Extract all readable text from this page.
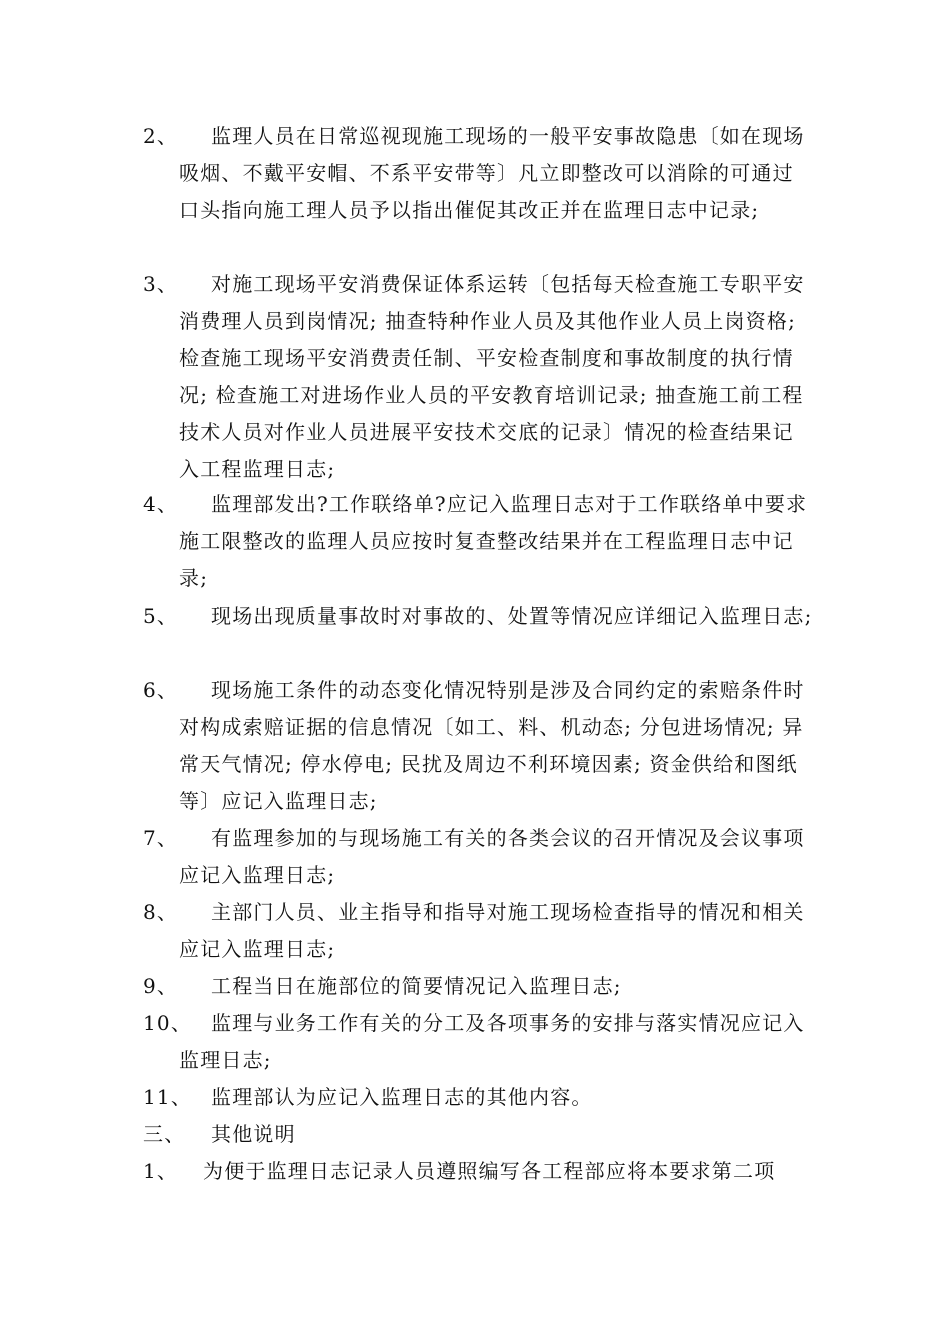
2、	监理人员在日常巡视现施工现场的一般平安事故隐患〔如在现场吸烟、不戴平安帽、不系平安带等〕凡立即整改可以消除的可通过口头指向施工理人员予以指出催促其改正并在监理日志中记录;
3、	对施工现场平安消费保证体系运转〔包括每天检查施工专职平安消费理人员到岗情况; 抽查特种作业人员及其他作业人员上岗资格; 检查施工现场平安消费责任制、平安检查制度和事故制度的执行情况; 检查施工对进场作业人员的平安教育培训记录; 抽查施工前工程技术人员对作业人员进展平安技术交底的记录〕情况的检查结果记入工程监理日志;
4、	监理部发出?工作联络单?应记入监理日志对于工作联络单中要求施工限整改的监理人员应按时复查整改结果并在工程监理日志中记录;
5、	现场出现质量事故时对事故的、处置等情况应详细记入监理日志;
6、	现场施工条件的动态变化情况特别是涉及合同约定的索赔条件时对构成索赔证据的信息情况〔如工、料、机动态; 分包进场情况; 异常天气情况; 停水停电; 民扰及周边不利环境因素; 资金供给和图纸等〕应记入监理日志;
7、	有监理参加的与现场施工有关的各类会议的召开情况及会议事项应记入监理日志;
8、	主部门人员、业主指导和指导对施工现场检查指导的情况和相关应记入监理日志;
9、	工程当日在施部位的简要情况记入监理日志;
10、 监理与业务工作有关的分工及各项事务的安排与落实情况应记入监理日志;
11、 监理部认为应记入监理日志的其他内容。
三、	其他说明
1、	为便于监理日志记录人员遵照编写各工程部应将本要求第二项
